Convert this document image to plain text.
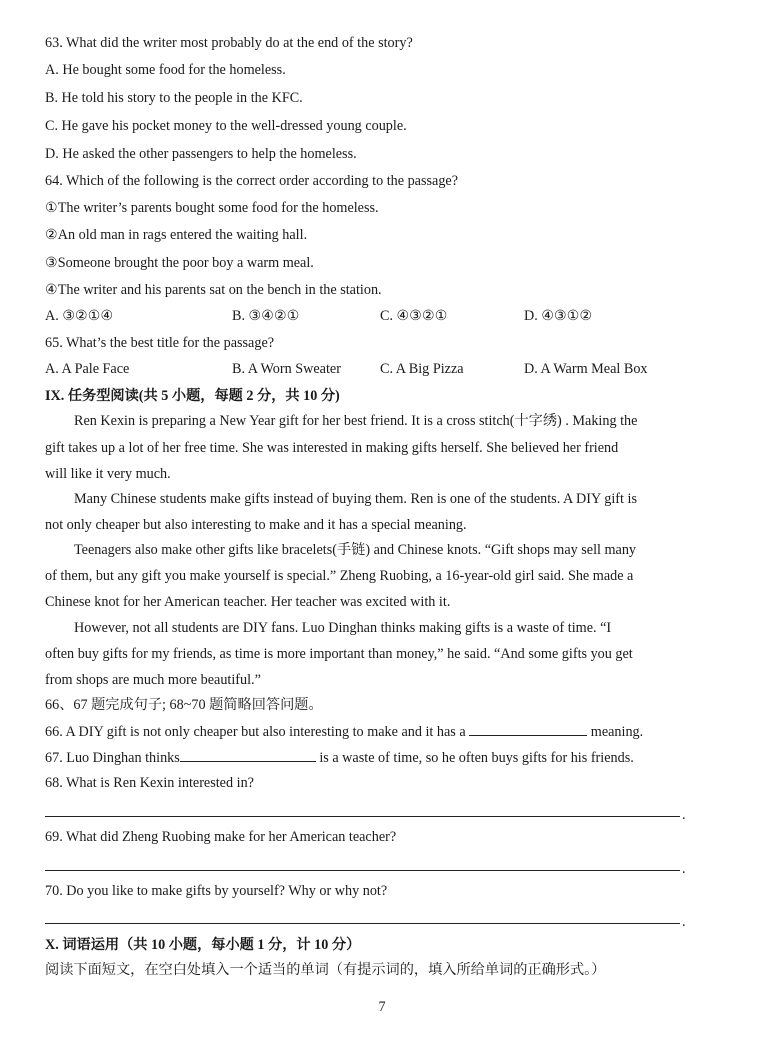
63. What did the writer most probably do at the end of the story?
A. He bought some food for the homeless.
B. He told his story to the people in the KFC.
C. He gave his pocket money to the well-dressed young couple.
D. He asked the other passengers to help the homeless.
64. Which of the following is the correct order according to the passage?
①The writer’s parents bought some food for the homeless.
②An old man in rags entered the waiting hall.
③Someone brought the poor boy a warm meal.
④The writer and his parents sat on the bench in the station.
A. ③②①④	B. ③④②①	C. ④③②①	D. ④③①②
65. What’s the best title for the passage?
A. A Pale Face	B. A Worn Sweater	C. A Big Pizza	D. A Warm Meal Box
IX. 任务型阅读(共 5 小题，每题 2 分，共 10 分)
Ren Kexin is preparing a New Year gift for her best friend. It is a cross stitch(十字绣) . Making the
gift takes up a lot of her free time. She was interested in making gifts herself. She believed her friend
will like it very much.
Many Chinese students make gifts instead of buying them. Ren is one of the students. A DIY gift is
not only cheaper but also interesting to make and it has a special meaning.
Teenagers also make other gifts like bracelets(手链) and Chinese knots. “Gift shops may sell many
of them, but any gift you make yourself is special.” Zheng Ruobing, a 16-year-old girl said. She made a
Chinese knot for her American teacher. Her teacher was excited with it.
However, not all students are DIY fans. Luo Dinghan thinks making gifts is a waste of time. “I
often buy gifts for my friends, as time is more important than money,” he said. “And some gifts you get
from shops are much more beautiful.”
66、67 题完成句子; 68~70 题简略回答问题。
66. A DIY gift is not only cheaper but also interesting to make and it has a	meaning.
67. Luo Dinghan thinks	is a waste of time, so he often buys gifts for his friends.
68. What is Ren Kexin interested in?
.
69. What did Zheng Ruobing make for her American teacher?
.
70. Do you like to make gifts by yourself? Why or why not?
.
X. 词语运用（共 10 小题，每小题 1 分，计 10 分）
阅读下面短文，在空白处填入一个适当的单词（有提示词的，填入所给单词的正确形式。）
7
